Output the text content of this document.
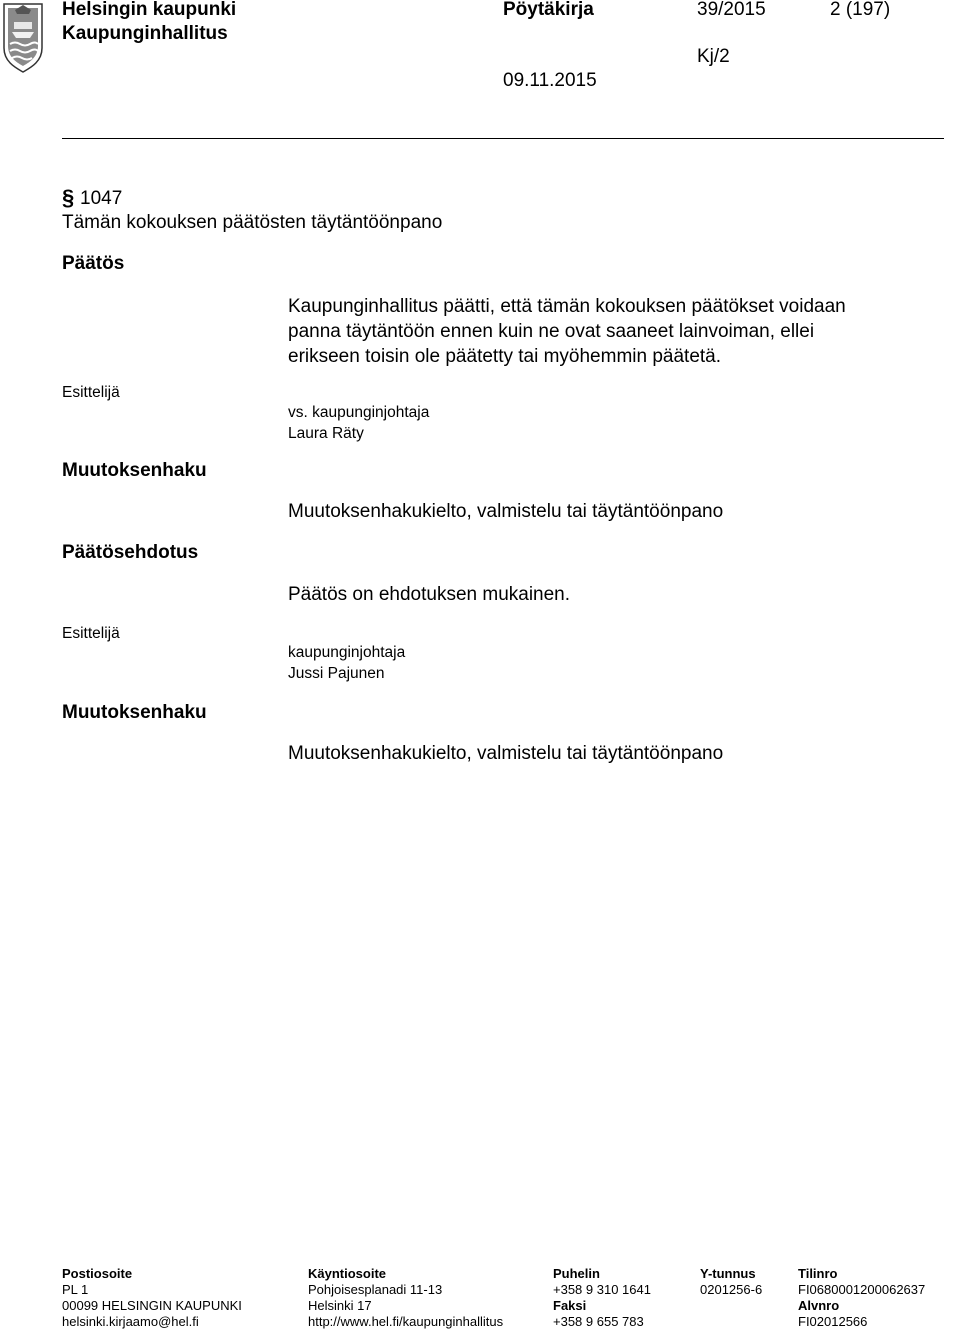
Helsingin kaupunki
Kaupunginhallitus
Pöytäkirja	39/2015	2 (197)
Kj/2
09.11.2015
§ 1047
Tämän kokouksen päätösten täytäntöönpano
Päätös
Kaupunginhallitus päätti, että tämän kokouksen päätökset voidaan
panna täytäntöön ennen kuin ne ovat saaneet lainvoiman, ellei
erikseen toisin ole päätetty tai myöhemmin päätetä.
Esittelijä
vs. kaupunginjohtaja
Laura Räty
Muutoksenhaku
Muutoksenhakukielto, valmistelu tai täytäntöönpano
Päätösehdotus
Päätös on ehdotuksen mukainen.
Esittelijä
kaupunginjohtaja
Jussi Pajunen
Muutoksenhaku
Muutoksenhakukielto, valmistelu tai täytäntöönpano
Postiosoite
PL 1
00099 HELSINGIN KAUPUNKI
helsinki.kirjaamo@hel.fi
Käyntiosoite
Pohjoisesplanadi 11-13
Helsinki 17
http://www.hel.fi/kaupunginhallitus
Puhelin
+358 9 310 1641
Faksi
+358 9 655 783
Y-tunnus
0201256-6
Tilinro
FI0680001200062637
Alvnro
FI02012566
